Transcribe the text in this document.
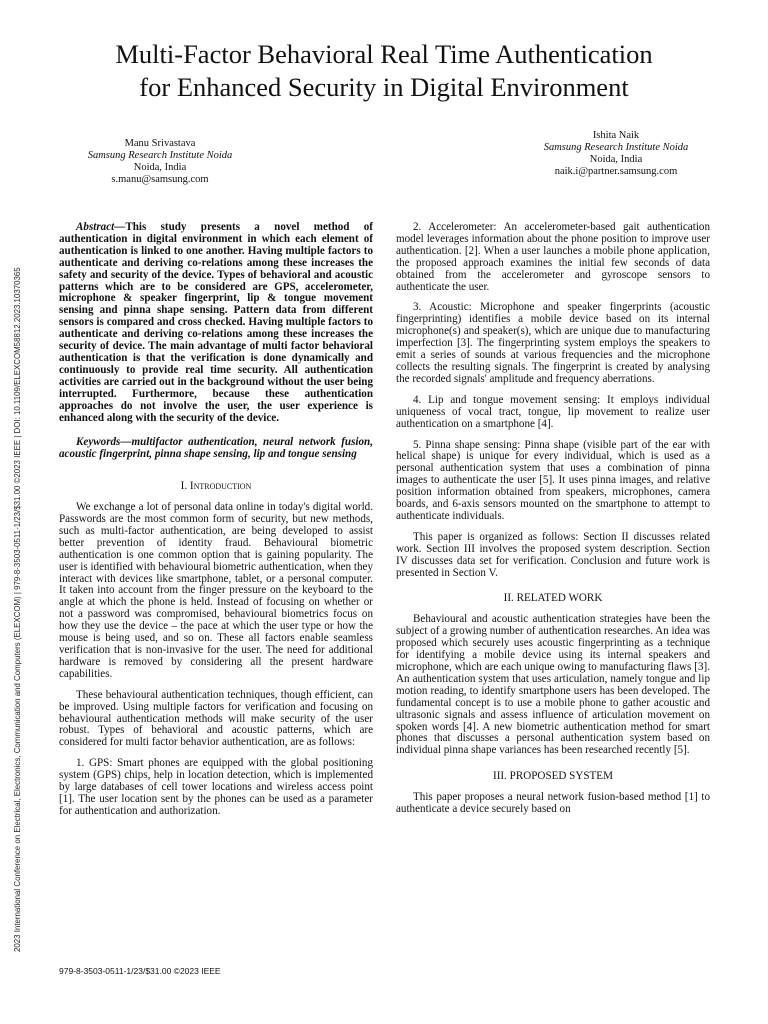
Multi-Factor Behavioral Real Time Authentication
for Enhanced Security in Digital Environment
Manu Srivastava
Samsung Research Institute Noida
Noida, India
s.manu@samsung.com
Ishita Naik
Samsung Research Institute Noida
Noida, India
naik.i@partner.samsung.com
2023 International Conference on Electrical, Electronics, Communication and Computers (ELEXCOM) | 979-8-3503-0511-1/23/$31.00 ©2023 IEEE | DOI: 10.1109/ELEXCOM58812.2023.10370365

Abstract—This study presents a novel method of authentication in digital environment in which each element of authentication is linked to one another. Having multiple factors to authenticate and deriving co-relations among these increases the safety and security of the device. Types of behavioral and acoustic patterns which are to be considered are GPS, accelerometer, microphone & speaker fingerprint, lip & tongue movement sensing and pinna shape sensing. Pattern data from different sensors is compared and cross checked. Having multiple factors to authenticate and deriving co-relations among these increases the security of device. The main advantage of multi factor behavioral authentication is that the verification is done dynamically and continuously to provide real time security. All authentication activities are carried out in the background without the user being interrupted. Furthermore, because these authentication approaches do not involve the user, the user experience is enhanced along with the security of the device.

Keywords—multifactor authentication, neural network fusion, acoustic fingerprint, pinna shape sensing, lip and tongue sensing

I. Introduction

We exchange a lot of personal data online in today's digital world. Passwords are the most common form of security, but new methods, such as multi-factor authentication, are being developed to assist better prevention of identity fraud. Behavioural biometric authentication is one common option that is gaining popularity. The user is identified with behavioural biometric authentication, when they interact with devices like smartphone, tablet, or a personal computer. It taken into account from the finger pressure on the keyboard to the angle at which the phone is held. Instead of focusing on whether or not a password was compromised, behavioural biometrics focus on how they use the device – the pace at which the user type or how the mouse is being used, and so on. These all factors enable seamless verification that is non-invasive for the user. The need for additional hardware is removed by considering all the present hardware capabilities.

These behavioural authentication techniques, though efficient, can be improved. Using multiple factors for verification and focusing on behavioural authentication methods will make security of the user robust. Types of behavioral and acoustic patterns, which are considered for multi factor behavior authentication, are as follows:

1. GPS: Smart phones are equipped with the global positioning system (GPS) chips, help in location detection, which is implemented by large databases of cell tower locations and wireless access point [1]. The user location sent by the phones can be used as a parameter for authentication and authorization.

2. Accelerometer: An accelerometer-based gait authentication model leverages information about the phone position to improve user authentication. [2]. When a user launches a mobile phone application, the proposed approach examines the initial few seconds of data obtained from the accelerometer and gyroscope sensors to authenticate the user.

3. Acoustic: Microphone and speaker fingerprints (acoustic fingerprinting) identifies a mobile device based on its internal microphone(s) and speaker(s), which are unique due to manufacturing imperfection [3]. The fingerprinting system employs the speakers to emit a series of sounds at various frequencies and the microphone collects the resulting signals. The fingerprint is created by analysing the recorded signals' amplitude and frequency aberrations.

4. Lip and tongue movement sensing: It employs individual uniqueness of vocal tract, tongue, lip movement to realize user authentication on a smartphone [4].

5. Pinna shape sensing: Pinna shape (visible part of the ear with helical shape) is unique for every individual, which is used as a personal authentication system that uses a combination of pinna images to authenticate the user [5]. It uses pinna images, and relative position information obtained from speakers, microphones, camera boards, and 6-axis sensors mounted on the smartphone to attempt to authenticate individuals.

This paper is organized as follows: Section II discusses related work. Section III involves the proposed system description. Section IV discusses data set for verification. Conclusion and future work is presented in Section V.

II. RELATED WORK

Behavioural and acoustic authentication strategies have been the subject of a growing number of authentication researches. An idea was proposed which securely uses acoustic fingerprinting as a technique for identifying a mobile device using its internal speakers and microphone, which are each unique owing to manufacturing flaws [3]. An authentication system that uses articulation, namely tongue and lip motion reading, to identify smartphone users has been developed. The fundamental concept is to use a mobile phone to gather acoustic and ultrasonic signals and assess influence of articulation movement on spoken words [4]. A new biometric authentication method for smart phones that discusses a personal authentication system based on individual pinna shape variances has been researched recently [5].

III. PROPOSED SYSTEM

This paper proposes a neural network fusion-based method [1] to authenticate a device securely based on

979-8-3503-0511-1/23/$31.00 ©2023 IEEE
